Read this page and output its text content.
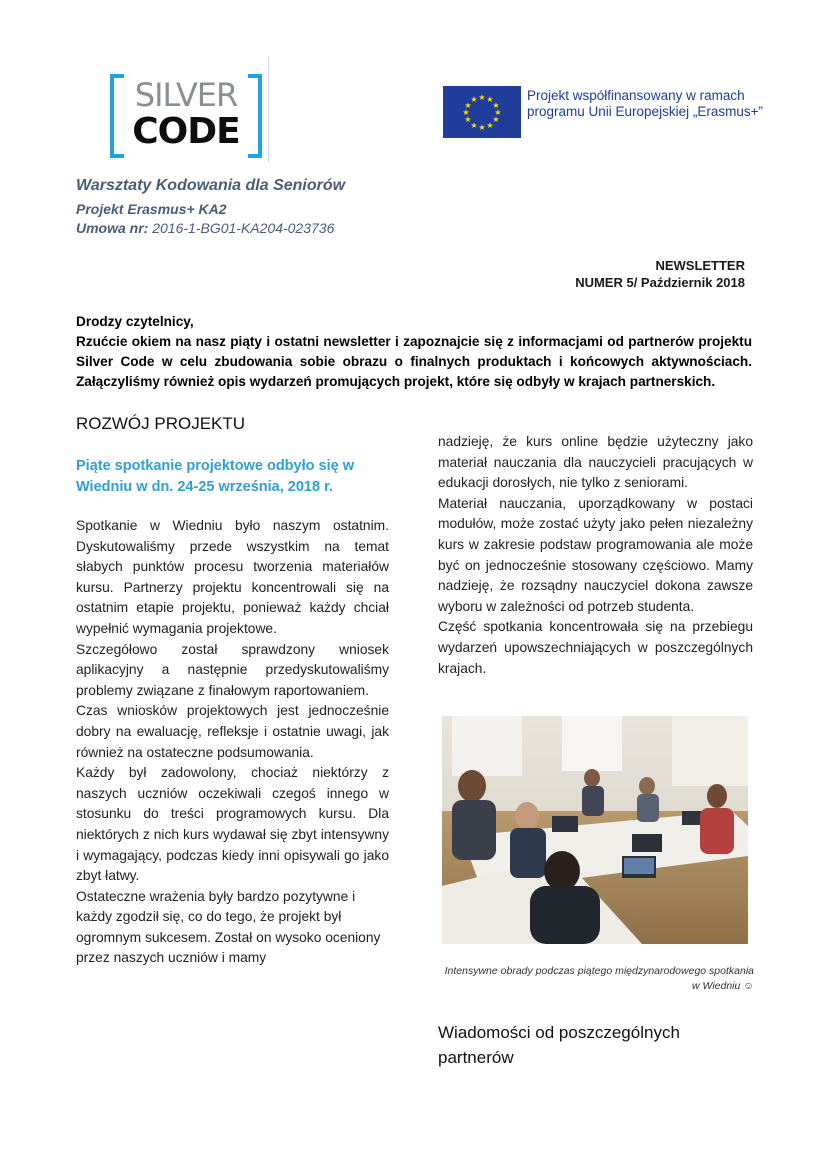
SILVER
CODE
★ ★
★
★
★
★
★
★
★
★
★
★	Projekt współfinansowany w ramach programu Unii Europejskiej „Erasmus+”
Warsztaty Kodowania dla Seniorów
Projekt Erasmus+ KA2
Umowa nr: 2016-1-BG01-KA204-023736
NEWSLETTER
NUMER 5/ Październik 2018

Drodzy czytelnicy,

Rzućcie okiem na nasz piąty i ostatni newsletter i zapoznajcie się z informacjami od partnerów projektu

Silver Code w celu zbudowania sobie obrazu o finalnych produktach i końcowych aktywnościach.

Załączyliśmy również opis wydarzeń promujących projekt, które się odbyły w krajach partnerskich.

ROZWÓJ PROJEKTU
Piąte spotkanie projektowe odbyło się w Wiedniu w dn. 24-25 września, 2018 r.

Spotkanie w Wiedniu było naszym ostatnim. Dyskutowaliśmy przede wszystkim na temat słabych punktów procesu tworzenia materiałów kursu. Partnerzy projektu koncentrowali się na ostatnim etapie projektu, ponieważ każdy chciał wypełnić wymagania projektowe.

Szczegółowo został sprawdzony wniosek aplikacyjny a następnie przedyskutowaliśmy problemy związane z finałowym raportowaniem.

Czas wniosków projektowych jest jednocześnie dobry na ewaluację, refleksje i ostatnie uwagi, jak również na ostateczne podsumowania.

Każdy był zadowolony, chociaż niektórzy z naszych uczniów oczekiwali czegoś innego w stosunku do treści programowych kursu. Dla niektórych z nich kurs wydawał się zbyt intensywny i wymagający, podczas kiedy inni opisywali go jako zbyt łatwy.

Ostateczne wrażenia były bardzo pozytywne i każdy zgodził się, co do tego, że projekt był ogromnym sukcesem. Został on wysoko oceniony przez naszych uczniów i mamy

nadzieję, że kurs online będzie użyteczny jako materiał nauczania dla nauczycieli pracujących w edukacji dorosłych, nie tylko z seniorami.

Materiał nauczania, uporządkowany w postaci modułów, może zostać użyty jako pełen niezależny kurs w zakresie podstaw programowania ale może być on jednocześnie stosowany częściowo. Mamy nadzieję, że rozsądny nauczyciel dokona zawsze wyboru w zależności od potrzeb studenta.

Część spotkania koncentrowała się na przebiegu wydarzeń upowszechniających w poszczególnych krajach.

Intensywne obrady podczas piątego międzynarodowego spotkania w Wiedniu ☺
Wiadomości od poszczególnych partnerów
